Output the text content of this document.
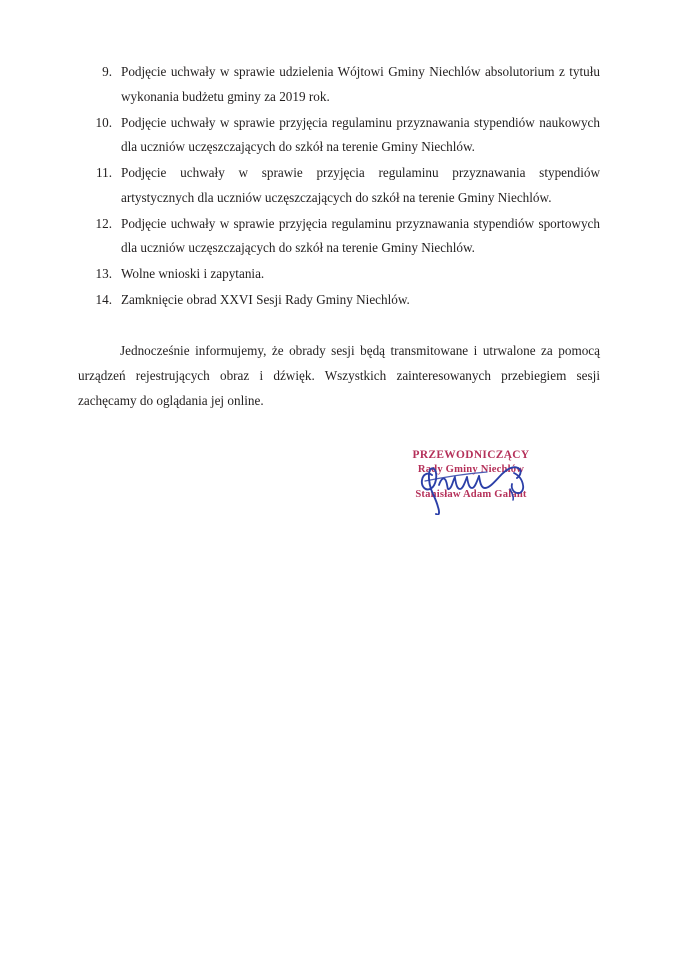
9. Podjęcie uchwały w sprawie udzielenia Wójtowi Gminy Niechlów absolutorium z tytułu wykonania budżetu gminy za 2019 rok.
10. Podjęcie uchwały w sprawie przyjęcia regulaminu przyznawania stypendiów naukowych dla uczniów uczęszczających do szkół na terenie Gminy Niechlów.
11. Podjęcie uchwały w sprawie przyjęcia regulaminu przyznawania stypendiów artystycznych dla uczniów uczęszczających do szkół na terenie Gminy Niechlów.
12. Podjęcie uchwały w sprawie przyjęcia regulaminu przyznawania stypendiów sportowych dla uczniów uczęszczających do szkół na terenie Gminy Niechlów.
13. Wolne wnioski i zapytania.
14. Zamknięcie obrad XXVI Sesji Rady Gminy Niechlów.
Jednocześnie informujemy, że obrady sesji będą transmitowane i utrwalone za pomocą urządzeń rejestrujących obraz i dźwięk. Wszystkich zainteresowanych przebiegiem sesji zachęcamy do oglądania jej online.
PRZEWODNICZĄCY
Rady Gminy Niechlów
Stanisław Adam Galant
